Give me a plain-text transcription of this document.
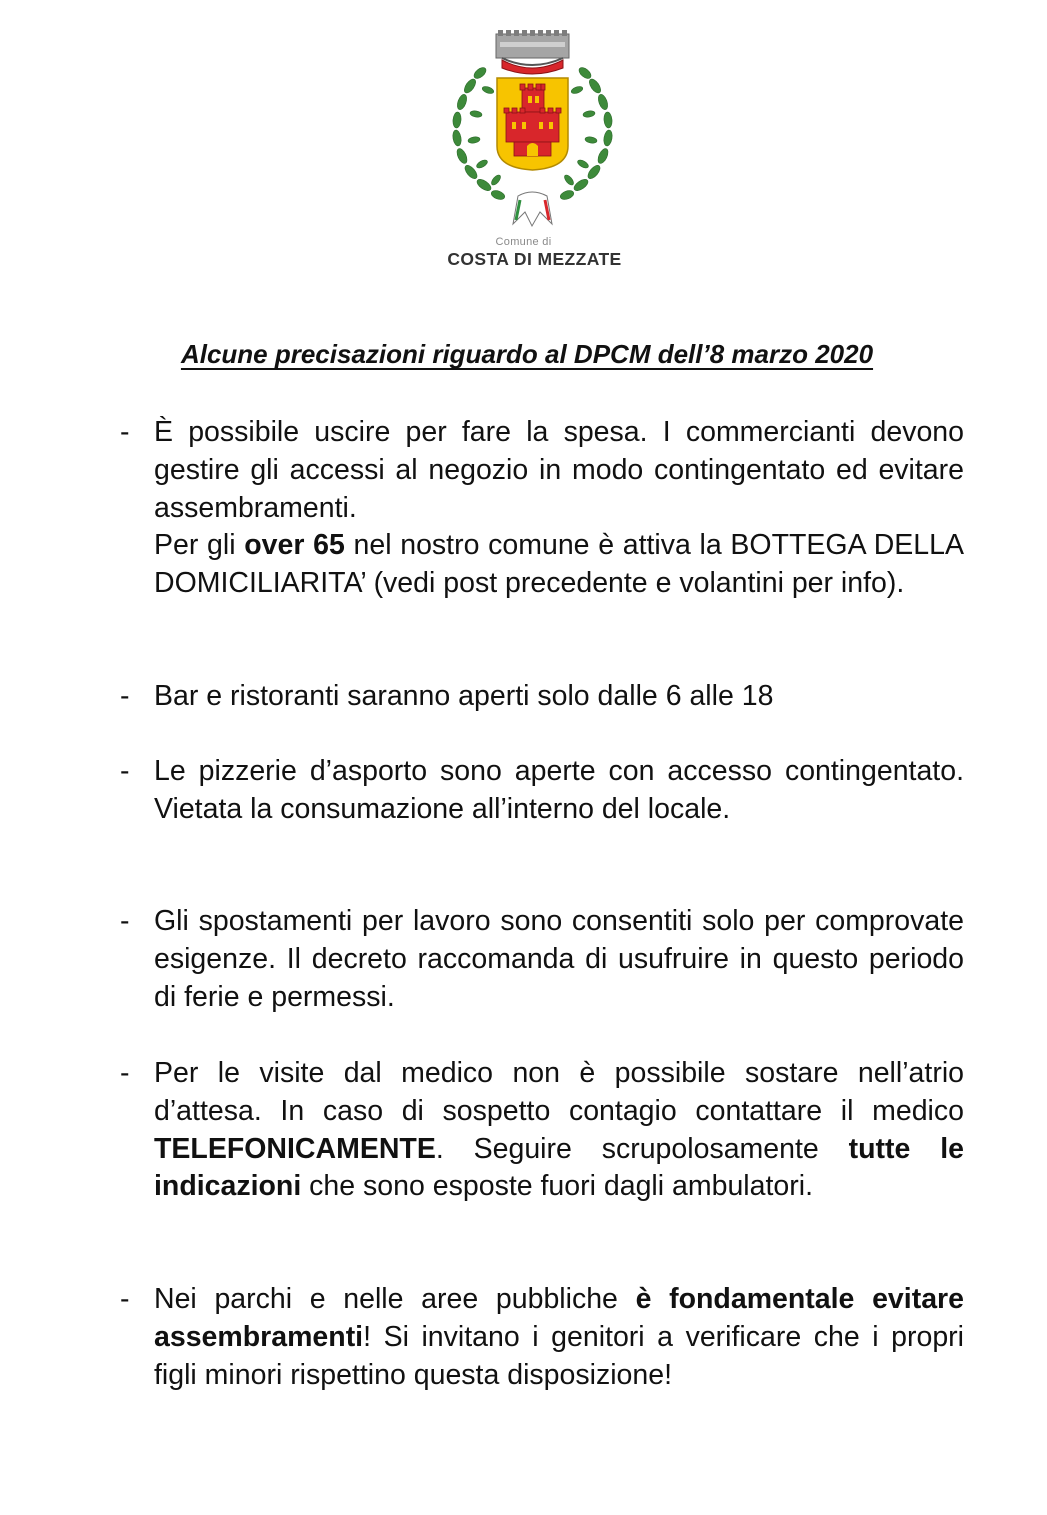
Comune di
COSTA DI MEZZATE
Alcune precisazioni riguardo al DPCM dell’8 marzo 2020
- È possibile uscire per fare la spesa. I commercianti devono gestire gli accessi al negozio in modo contingentato ed evitare assembramenti.

Per gli over 65 nel nostro comune è attiva la BOTTEGA DELLA DOMICILIARITA’ (vedi post precedente e volantini per info).

- Bar e ristoranti saranno aperti solo dalle 6 alle 18

- Le pizzerie d’asporto sono aperte con accesso contingentato. Vietata la consumazione all’interno del locale.

- Gli spostamenti per lavoro sono consentiti solo per comprovate esigenze. Il decreto raccomanda di usufruire in questo periodo di ferie e permessi.

- Per le visite dal medico non è possibile sostare nell’atrio d’attesa. In caso di sospetto contagio contattare il medico TELEFONICAMENTE. Seguire scrupolosamente tutte le indicazioni che sono esposte fuori dagli ambulatori.

- Nei parchi e nelle aree pubbliche è fondamentale evitare assembramenti! Si invitano i genitori a verificare che i propri figli minori rispettino questa disposizione!
